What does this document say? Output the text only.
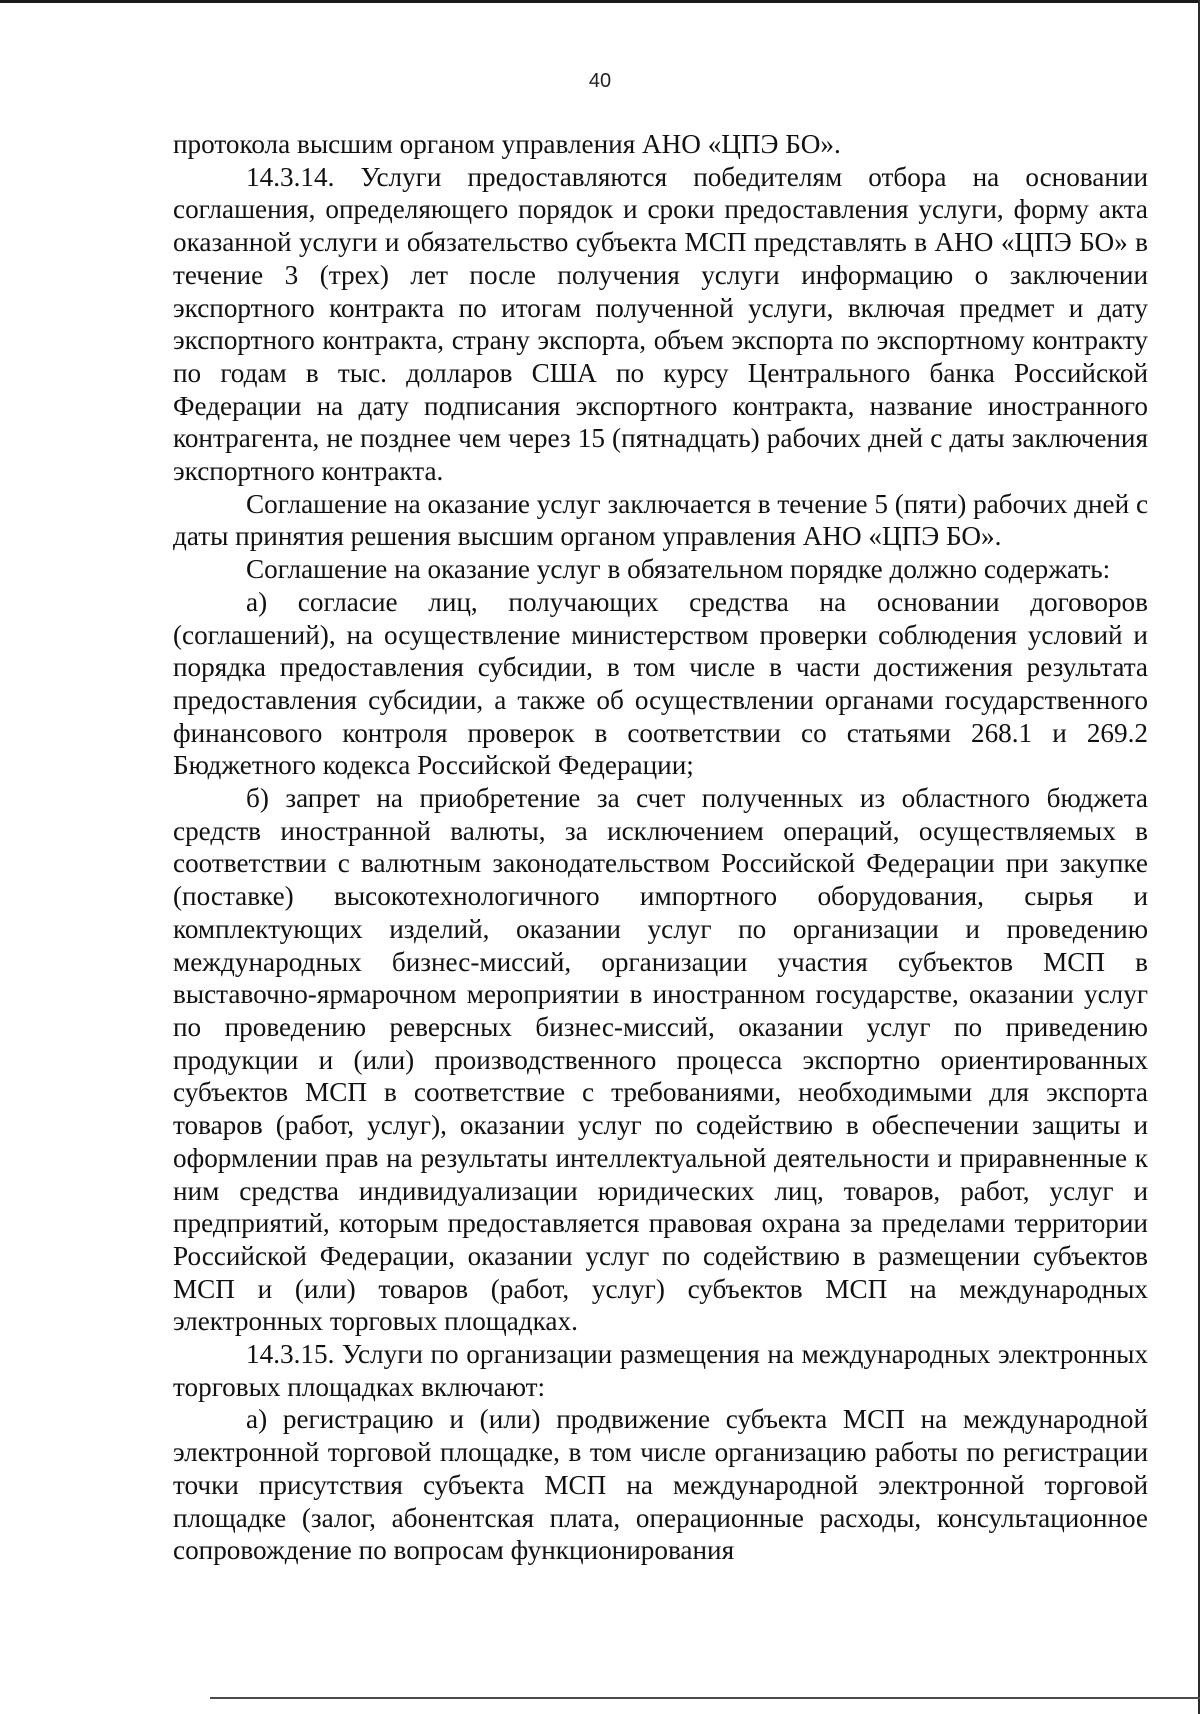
40

протокола высшим органом управления АНО «ЦПЭ БО».

14.3.14. Услуги предоставляются победителям отбора на основании соглашения, определяющего порядок и сроки предоставления услуги, форму акта оказанной услуги и обязательство субъекта МСП представлять в АНО «ЦПЭ БО» в течение 3 (трех) лет после получения услуги информацию о заключении экспортного контракта по итогам полученной услуги, включая предмет и дату экспортного контракта, страну экспорта, объем экспорта по экспортному контракту по годам в тыс. долларов США по курсу Центрального банка Российской Федерации на дату подписания экспортного контракта, название иностранного контрагента, не позднее чем через 15 (пятнадцать) рабочих дней с даты заключения экспортного контракта.

Соглашение на оказание услуг заключается в течение 5 (пяти) рабочих дней с даты принятия решения высшим органом управления АНО «ЦПЭ БО».

Соглашение на оказание услуг в обязательном порядке должно содержать:

а) согласие лиц, получающих средства на основании договоров (соглашений), на осуществление министерством проверки соблюдения условий и порядка предоставления субсидии, в том числе в части достижения результата предоставления субсидии, а также об осуществлении органами государственного финансового контроля проверок в соответствии со статьями 268.1 и 269.2 Бюджетного кодекса Российской Федерации;

б) запрет на приобретение за счет полученных из областного бюджета средств иностранной валюты, за исключением операций, осуществляемых в соответствии с валютным законодательством Российской Федерации при закупке (поставке) высокотехнологичного импортного оборудования, сырья и комплектующих изделий, оказании услуг по организации и проведению международных бизнес-миссий, организации участия субъектов МСП в выставочно-ярмарочном мероприятии в иностранном государстве, оказании услуг по проведению реверсных бизнес-миссий, оказании услуг по приведению продукции и (или) производственного процесса экспортно ориентированных субъектов МСП в соответствие с требованиями, необходимыми для экспорта товаров (работ, услуг), оказании услуг по содействию в обеспечении защиты и оформлении прав на результаты интеллектуальной деятельности и приравненные к ним средства индивидуализации юридических лиц, товаров, работ, услуг и предприятий, которым предоставляется правовая охрана за пределами территории Российской Федерации, оказании услуг по содействию в размещении субъектов МСП и (или) товаров (работ, услуг) субъектов МСП на международных электронных торговых площадках.

14.3.15. Услуги по организации размещения на международных электронных торговых площадках включают:

а) регистрацию и (или) продвижение субъекта МСП на международной электронной торговой площадке, в том числе организацию работы по регистрации точки присутствия субъекта МСП на международной электронной торговой площадке (залог, абонентская плата, операционные расходы, консультационное сопровождение по вопросам функционирования
